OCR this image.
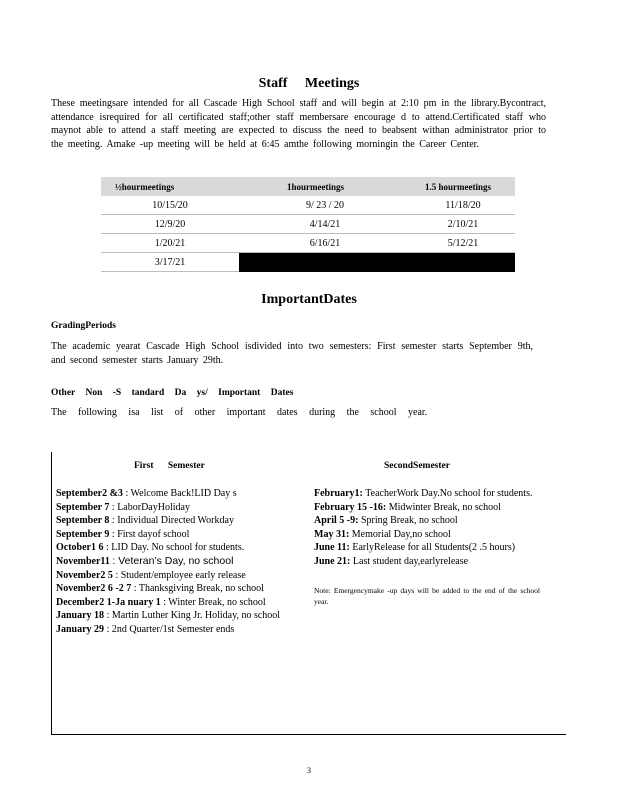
Staff Meetings
These meetingsare intended for all Cascade High School staff and will begin at 2:10 pm in the library.Bycontract, attendance isrequired for all certificated staff;other staff membersare encourage d to attend.Certificated staff who maynot able to attend a staff meeting are expected to discuss the need to beabsent withan administrator prior to the meeting. Amake -up meeting will be held at 6:45 amthe following morningin the Career Center.
½hourmeetings	1hourmeetings	1.5 hourmeetings
10/15/20	9/ 23 / 20	11/18/20
12/9/20	4/14/21	2/10/21
1/20/21	6/16/21	5/12/21
3/17/21		
ImportantDates
GradingPeriods
The academic yearat Cascade High School isdivided into two semesters: First semester starts September 9th, and second semester starts January 29th.
Other Non -S tandard Da ys/ Important Dates
The following isa list of other important dates during the school year.
First Semester	SecondSemester
September2 &3 : Welcome Back!LID Day s
September 7 : LaborDayHoliday
September 8 : Individual Directed Workday
September 9 : First dayof school
October1 6 : LID Day. No school for students.
November11 : Veteran’s Day, no school
November2 5 : Student/employee early release
November2 6 -2 7 : Thanksgiving Break, no school
December2 1-Ja nuary 1 : Winter Break, no school
January 18 : Martin Luther King Jr. Holiday, no school
January 29 : 2nd Quarter/1st Semester ends
February1: TeacherWork Day.No school for students.
February 15 -16: Midwinter Break, no school
April 5 -9: Spring Break, no school
May 31: Memorial Day,no school
June 11: EarlyRelease for all Students(2 .5 hours)
June 21: Last student day,earlyrelease
Note: Emergencymake -up days will be added to the end of the school year.
3
